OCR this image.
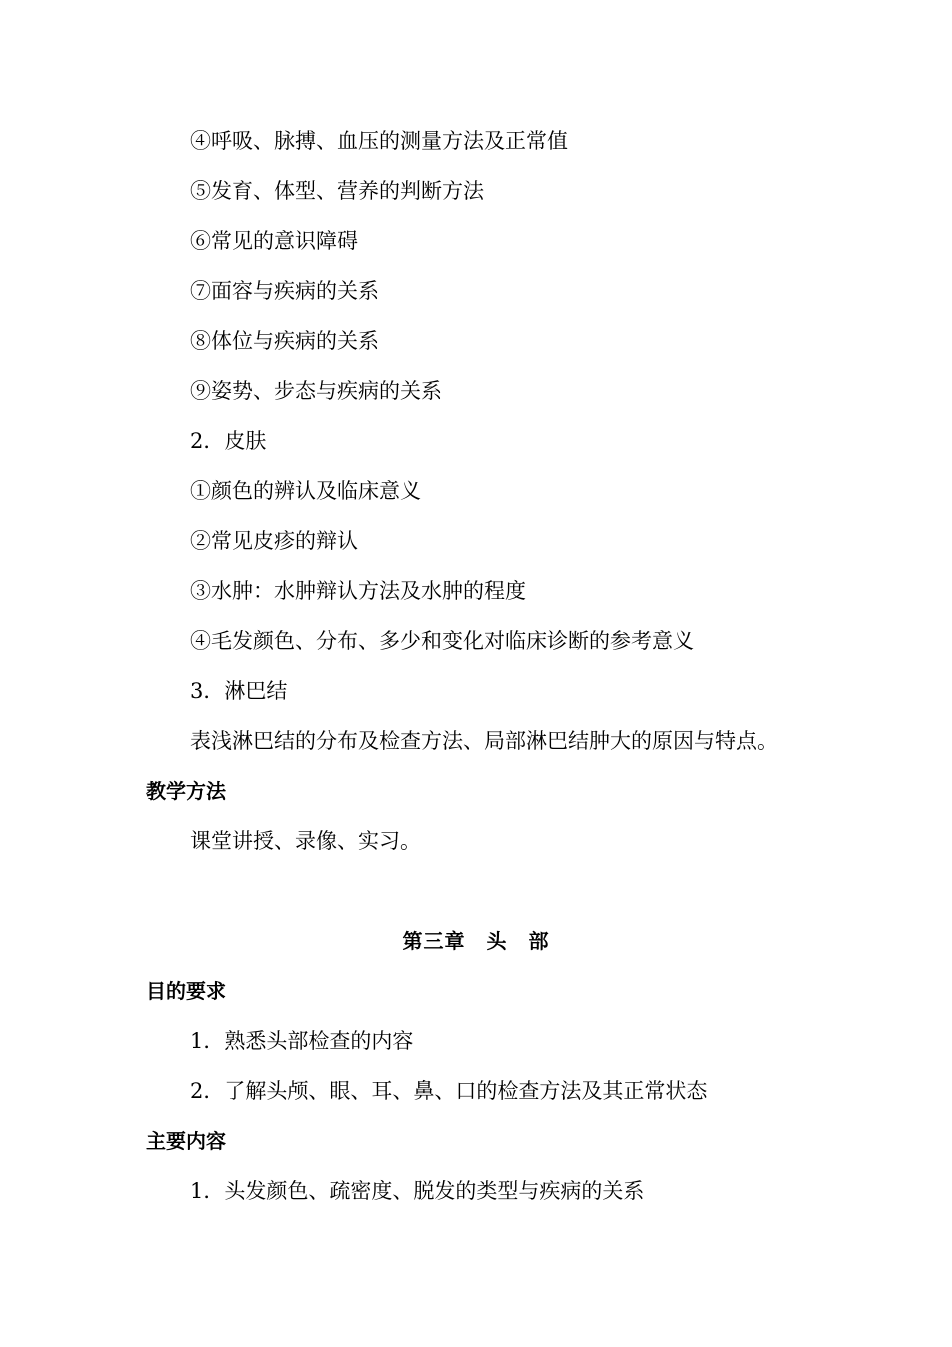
④呼吸、脉搏、血压的测量方法及正常值
⑤发育、体型、营养的判断方法
⑥常见的意识障碍
⑦面容与疾病的关系
⑧体位与疾病的关系
⑨姿势、步态与疾病的关系
2．皮肤
①颜色的辨认及临床意义
②常见皮疹的辩认
③水肿：水肿辩认方法及水肿的程度
④毛发颜色、分布、多少和变化对临床诊断的参考意义
3．淋巴结
表浅淋巴结的分布及检查方法、局部淋巴结肿大的原因与特点。
教学方法
课堂讲授、录像、实习。
第三章　头　部
目的要求
1．熟悉头部检查的内容
2．了解头颅、眼、耳、鼻、口的检查方法及其正常状态
主要内容
1．头发颜色、疏密度、脱发的类型与疾病的关系
